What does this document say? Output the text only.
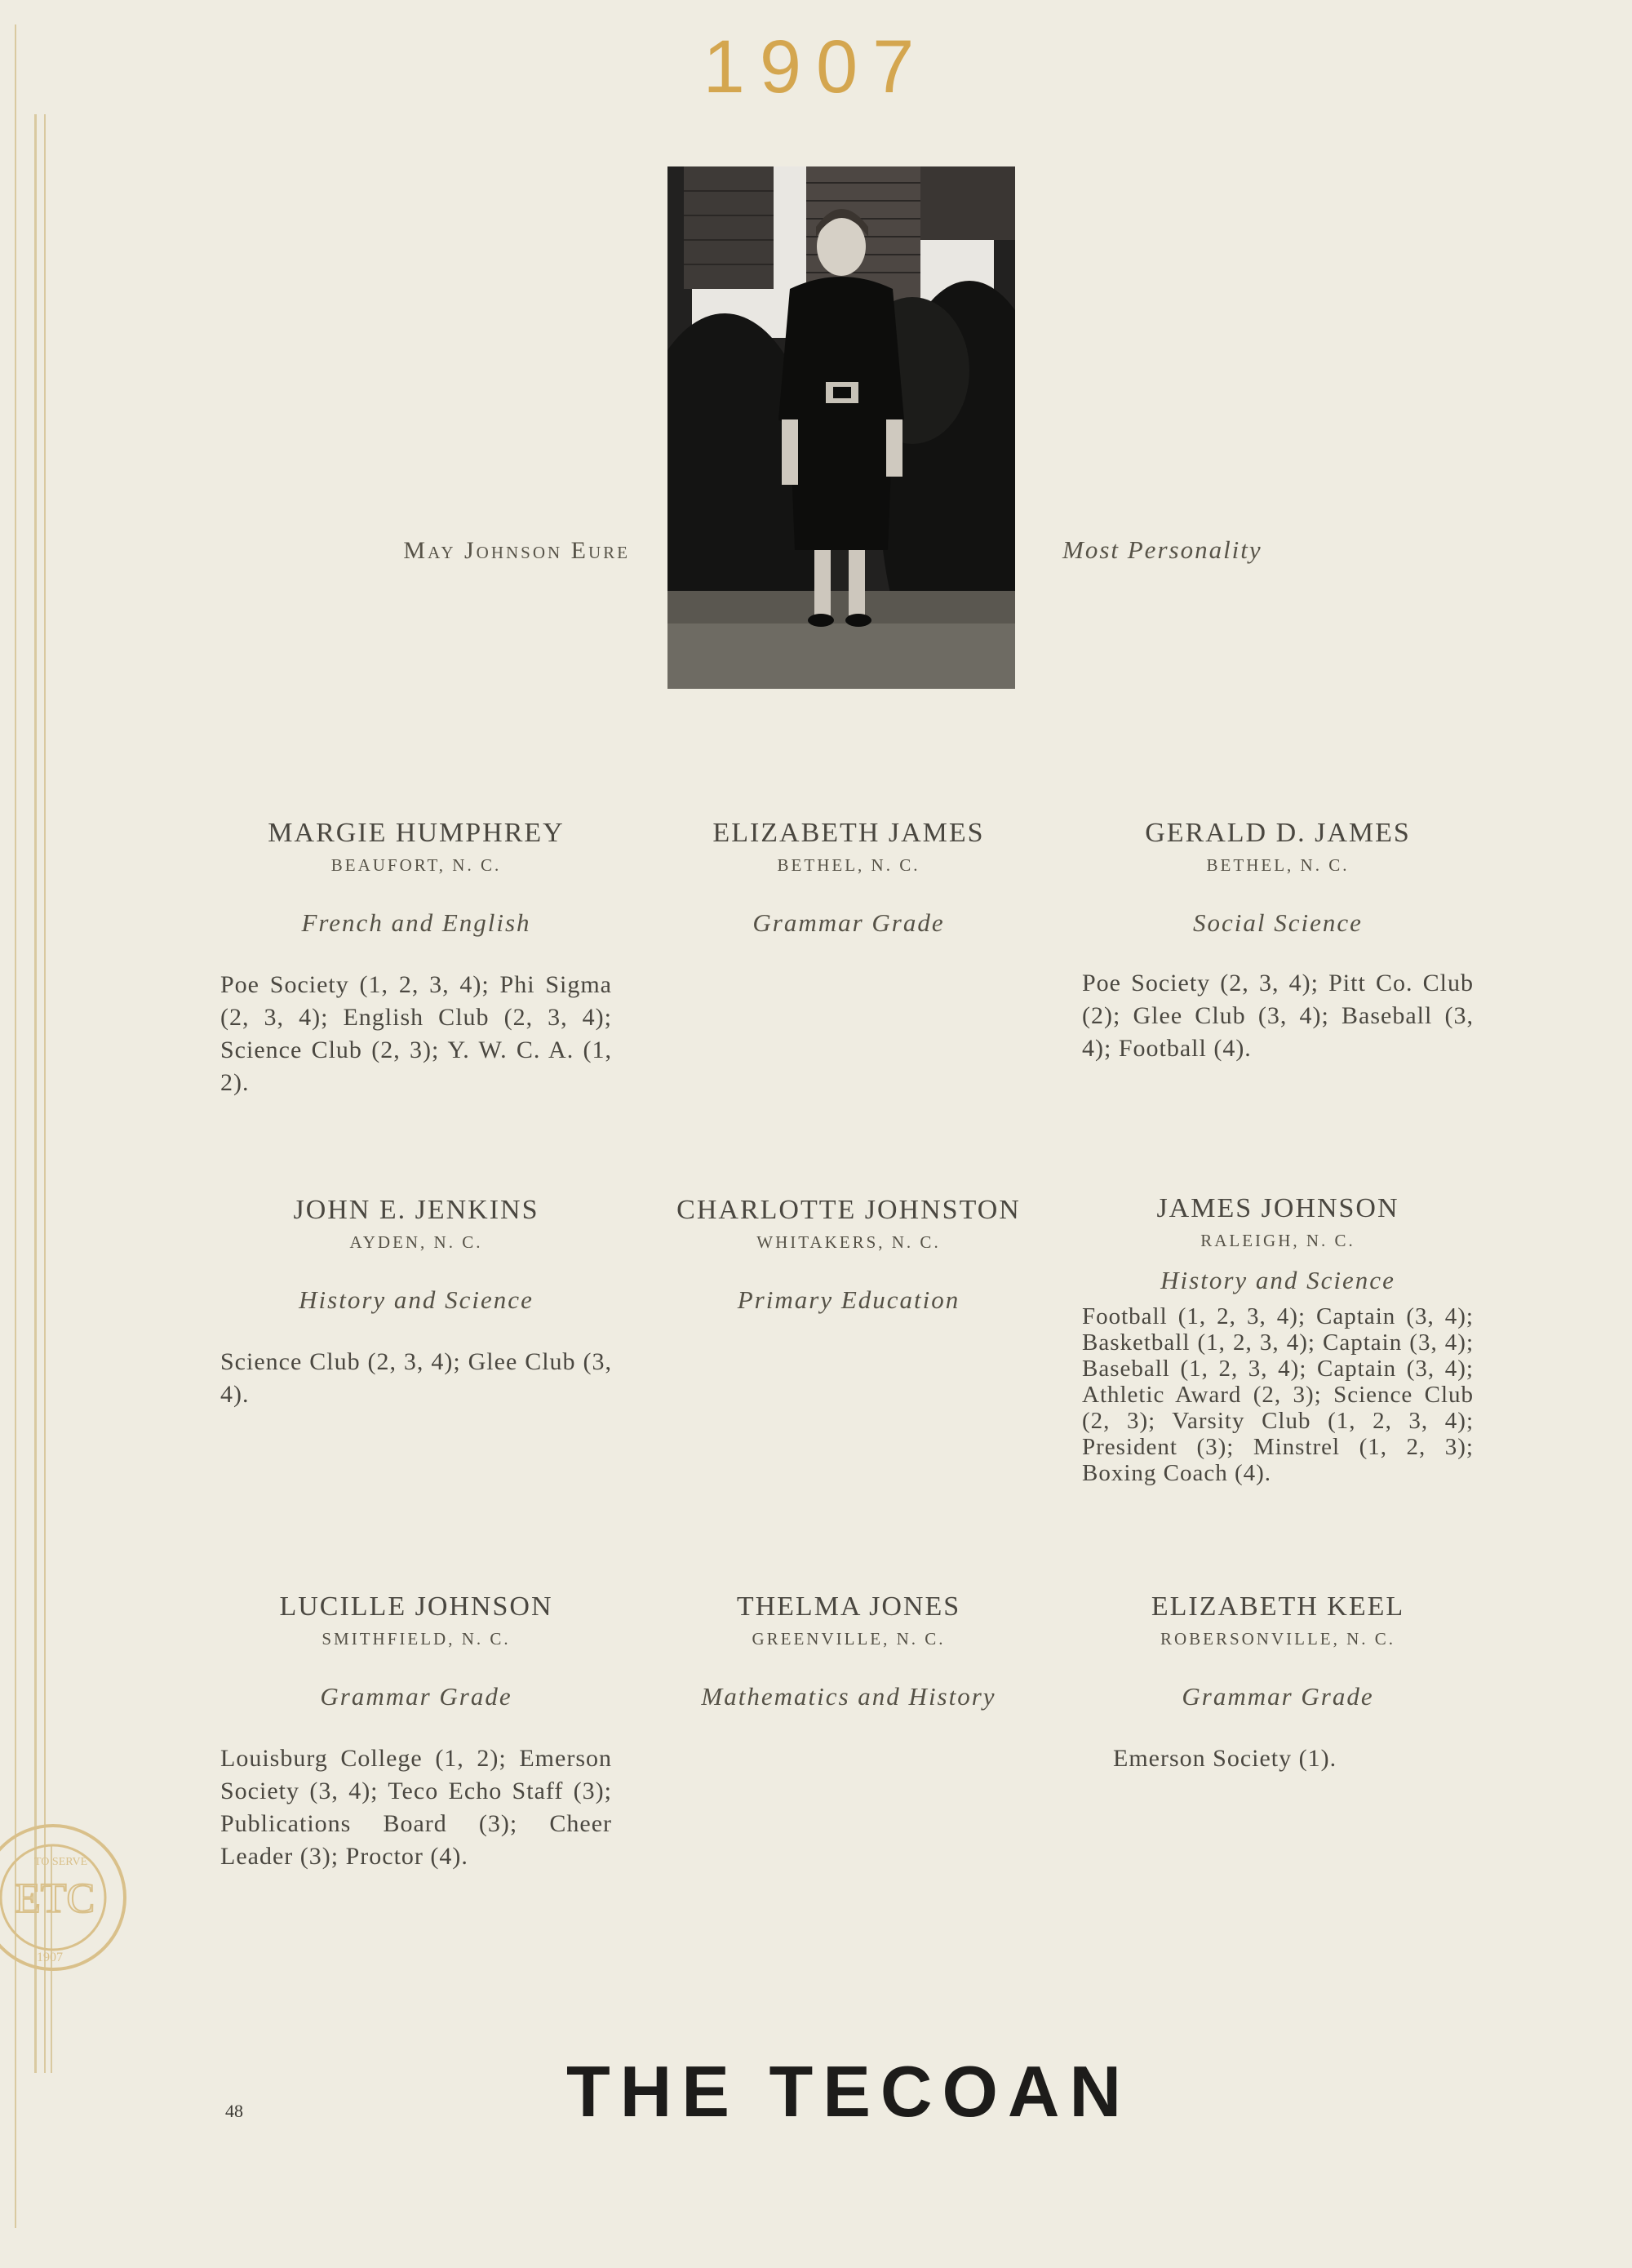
ETC
TO SERVE
1907
1907
May Johnson Eure	Most Personality
MARGIE HUMPHREY
BEAUFORT, N. C.
French and English
Poe Society (1, 2, 3, 4); Phi Sigma (2, 3, 4); English Club (2, 3, 4); Science Club (2, 3); Y. W. C. A. (1, 2).
ELIZABETH JAMES
BETHEL, N. C.
Grammar Grade
GERALD D. JAMES
BETHEL, N. C.
Social Science
Poe Society (2, 3, 4); Pitt Co. Club (2); Glee Club (3, 4); Baseball (3, 4); Football (4).
JOHN E. JENKINS
AYDEN, N. C.
History and Science
Science Club (2, 3, 4); Glee Club (3, 4).
CHARLOTTE JOHNSTON
WHITAKERS, N. C.
Primary Education
JAMES JOHNSON
RALEIGH, N. C.
History and Science
Football (1, 2, 3, 4); Captain (3, 4); Basketball (1, 2, 3, 4); Captain (3, 4); Baseball (1, 2, 3, 4); Captain (3, 4); Athletic Award (2, 3); Science Club (2, 3); Varsity Club (1, 2, 3, 4); President (3); Minstrel (1, 2, 3); Boxing Coach (4).
LUCILLE JOHNSON
SMITHFIELD, N. C.
Grammar Grade
Louisburg College (1, 2); Emerson Society (3, 4); Teco Echo Staff (3); Publications Board (3); Cheer Leader (3); Proctor (4).
THELMA JONES
GREENVILLE, N. C.
Mathematics and History
ELIZABETH KEEL
ROBERSONVILLE, N. C.
Grammar Grade
Emerson Society (1).
48	THE TECOAN
